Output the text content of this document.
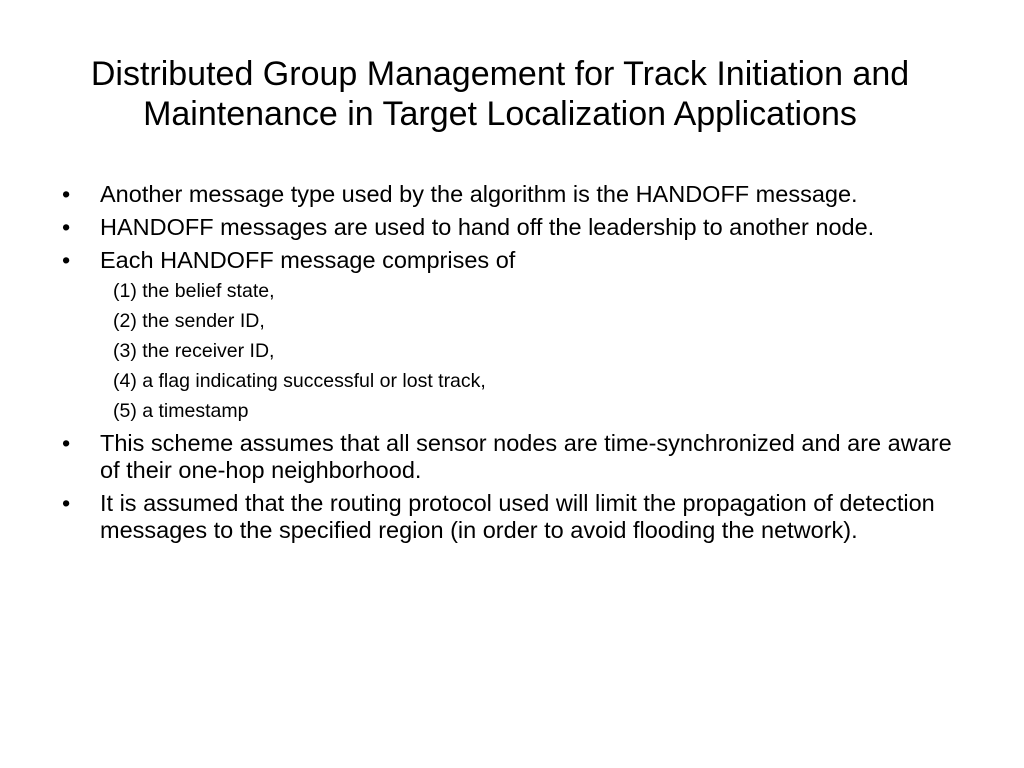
Distributed Group Management for Track Initiation and
Maintenance in Target Localization Applications
• Another message type used by the algorithm is the HANDOFF message.
• HANDOFF messages are used to hand off the leadership to another node.
• Each HANDOFF message comprises of
(1) the belief state,
(2) the sender ID,
(3) the receiver ID,
(4) a flag indicating successful or lost track,
(5) a timestamp
• This scheme assumes that all sensor nodes are time-synchronized and are aware of their one-hop neighborhood.
• It is assumed that the routing protocol used will limit the propagation of detection messages to the specified region (in order to avoid flooding the network).
